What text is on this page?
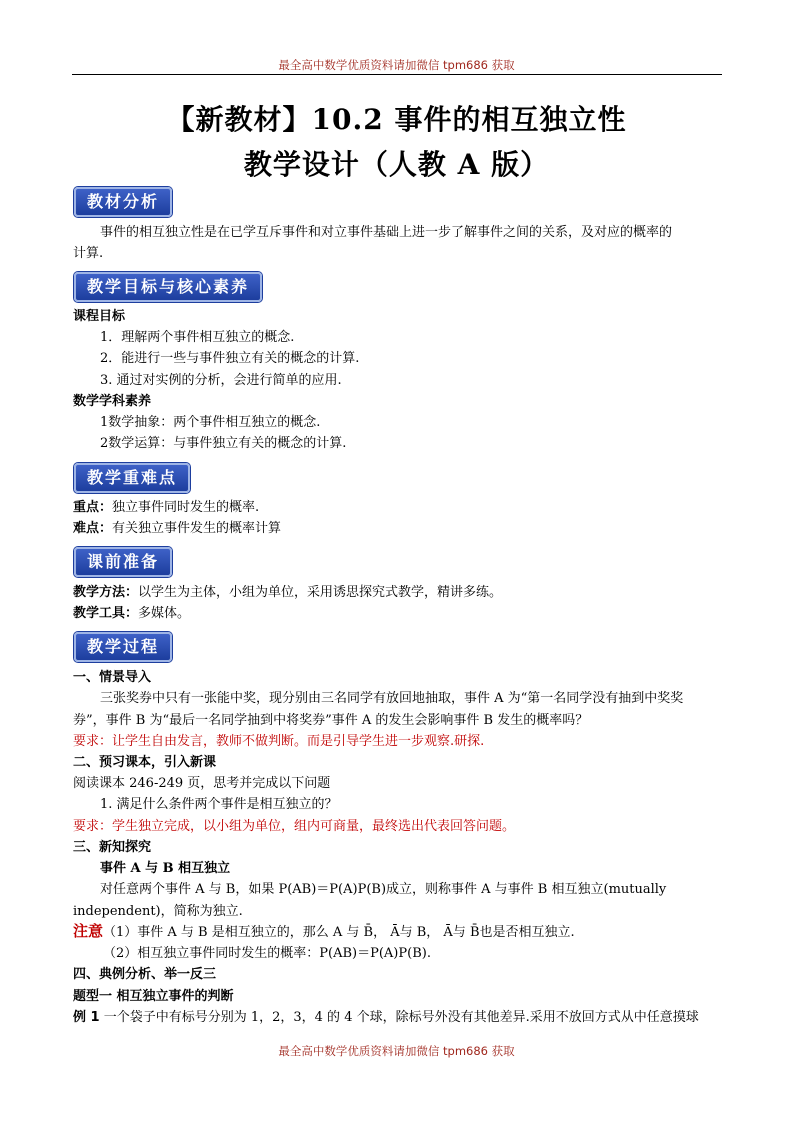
最全高中数学优质资料请加微信 tpm686 获取
【新教材】10.2 事件的相互独立性
教学设计（人教 A 版）
教材分析
事件的相互独立性是在已学互斥事件和对立事件基础上进一步了解事件之间的关系，及对应的概率的
计算.
教学目标与核心素养
课程目标
1．理解两个事件相互独立的概念.
2．能进行一些与事件独立有关的概念的计算.
3. 通过对实例的分析，会进行简单的应用.
数学学科素养
1数学抽象：两个事件相互独立的概念.
2数学运算：与事件独立有关的概念的计算.
教学重难点
重点：独立事件同时发生的概率.
难点：有关独立事件发生的概率计算
课前准备
教学方法：以学生为主体，小组为单位，采用诱思探究式教学，精讲多练。
教学工具：多媒体。
教学过程
一、情景导入
三张奖券中只有一张能中奖，现分别由三名同学有放回地抽取，事件 A 为“第一名同学没有抽到中奖奖
券”，事件 B 为“最后一名同学抽到中将奖券”事件 A 的发生会影响事件 B 发生的概率吗？
要求：让学生自由发言，教师不做判断。而是引导学生进一步观察.研探.
二、预习课本，引入新课
阅读课本 246-249 页，思考并完成以下问题
1. 满足什么条件两个事件是相互独立的？
要求：学生独立完成，以小组为单位，组内可商量，最终选出代表回答问题。
三、新知探究
事件 A 与 B 相互独立
对任意两个事件 A 与 B，如果 P(AB)＝P(A)P(B)成立，则称事件 A 与事件 B 相互独立(mutually
independent)，简称为独立.
注意 （1）事件 A 与 B 是相互独立的，那么 A 与 B̄， Ā与 B， Ā与 B̄也是否相互独立.
（2）相互独立事件同时发生的概率：P(AB)＝P(A)P(B).
四、典例分析、举一反三
题型一 相互独立事件的判断
例 1 一个袋子中有标号分别为 1，2，3，4 的 4 个球，除标号外没有其他差异.采用不放回方式从中任意摸球
最全高中数学优质资料请加微信 tpm686 获取
